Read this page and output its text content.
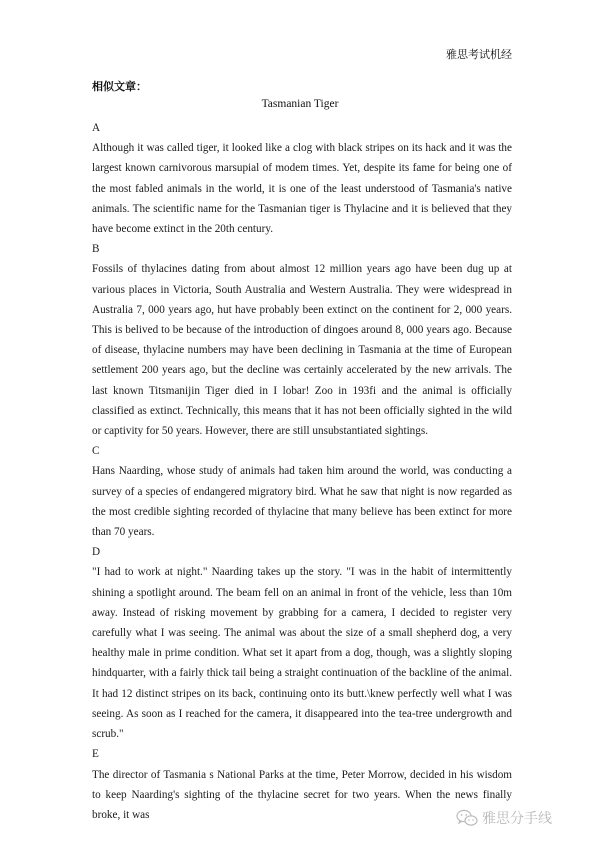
雅思考试机经
相似文章：
Tasmanian Tiger

A

Although it was called tiger, it looked like a clog with black stripes on its hack and it was the largest known carnivorous marsupial of modem times. Yet, despite its fame for being one of the most fabled animals in the world, it is one of the least understood of Tasmania's native animals. The scientific name for the Tasmanian tiger is Thylacine and it is believed that they have become extinct in the 20th century.

B

Fossils of thylacines dating from about almost 12 million years ago have been dug up at various places in Victoria, South Australia and Western Australia. They were widespread in Australia 7, 000 years ago, hut have probably been extinct on the continent for 2, 000 years. This is belived to be because of the introduction of dingoes around 8, 000 years ago. Because of disease, thylacine numbers may have been declining in Tasmania at the time of European settlement 200 years ago, but the decline was certainly accelerated by the new arrivals. The last known Titsmanijin Tiger died in I lobar! Zoo in 193fi and the animal is officially classified as extinct. Technically, this means that it has not been officially sighted in the wild or captivity for 50 years. However, there are still unsubstantiated sightings.

C

Hans Naarding, whose study of animals had taken him around the world, was conducting a survey of a species of endangered migratory bird. What he saw that night is now regarded as the most credible sighting recorded of thylacine that many believe has been extinct for more than 70 years.

D

"I had to work at night." Naarding takes up the story. "I was in the habit of intermittently shining a spotlight around. The beam fell on an animal in front of the vehicle, less than 10m away. Instead of risking movement by grabbing for a camera, I decided to register very carefully what I was seeing. The animal was about the size of a small shepherd dog, a very healthy male in prime condition. What set it apart from a dog, though, was a slightly sloping hindquarter, with a fairly thick tail being a straight continuation of the backline of the animal. It had 12 distinct stripes on its back, continuing onto its butt.\knew perfectly well what I was seeing. As soon as I reached for the camera, it disappeared into the tea-tree undergrowth and scrub."

E

The director of Tasmania s National Parks at the time, Peter Morrow, decided in his wisdom to keep Naarding's sighting of the thylacine secret for two years. When the news finally broke, it was	雅思分手线
